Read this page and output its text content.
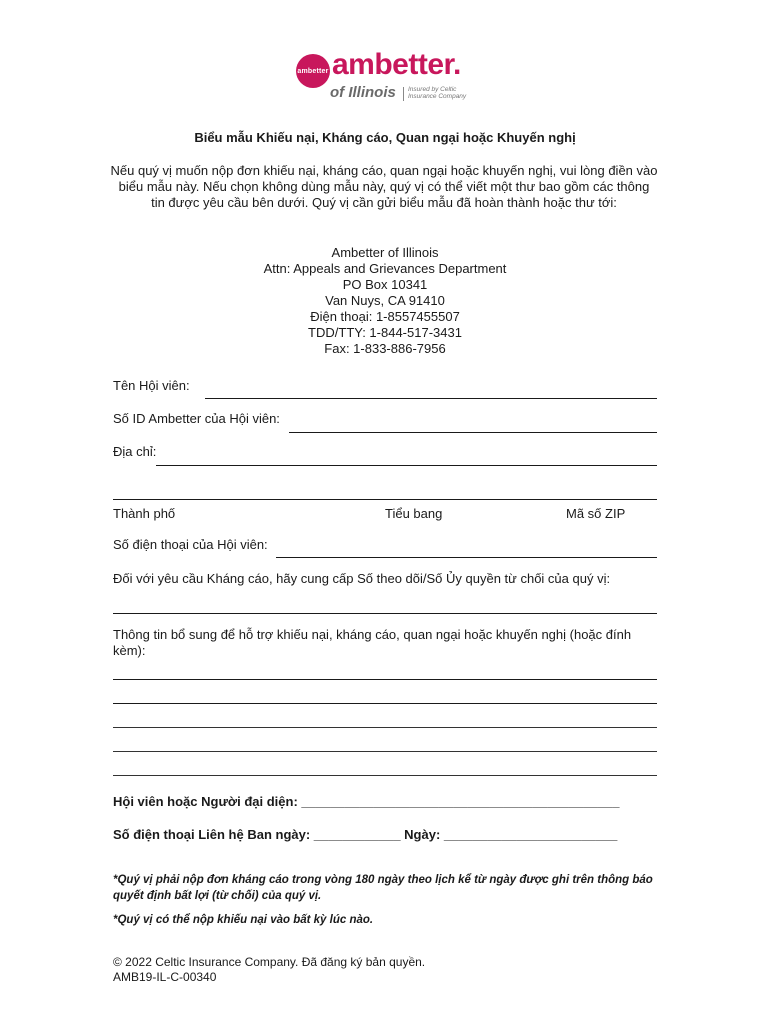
ambetter ambetter.
of Illinois Insured by Celtic Insurance Company
Biểu mẫu Khiếu nại, Kháng cáo, Quan ngại hoặc Khuyến nghị
Nếu quý vị muốn nộp đơn khiếu nại, kháng cáo, quan ngại hoặc khuyến nghị, vui lòng điền vào biểu mẫu này. Nếu chọn không dùng mẫu này, quý vị có thể viết một thư bao gồm các thông tin được yêu cầu bên dưới. Quý vị cần gửi biểu mẫu đã hoàn thành hoặc thư tới:
Ambetter of Illinois
Attn: Appeals and Grievances Department
PO Box 10341
Van Nuys, CA 91410
Điện thoại: 1-8557455507
TDD/TTY: 1-844-517-3431
Fax: 1-833-886-7956
Tên Hội viên:
Số ID Ambetter của Hội viên:
Địa chỉ:
Thành phố	Tiểu bang	Mã số ZIP
Số điện thoại của Hội viên:
Đối với yêu cầu Kháng cáo, hãy cung cấp Số theo dõi/Số Ủy quyền từ chối của quý vị:
Thông tin bổ sung để hỗ trợ khiếu nại, kháng cáo, quan ngại hoặc khuyến nghị (hoặc đính kèm):
Hội viên hoặc Người đại diện: ____________________________________________
Số điện thoại Liên hệ Ban ngày: ____________ Ngày: ________________________
*Quý vị phải nộp đơn kháng cáo trong vòng 180 ngày theo lịch kể từ ngày được ghi trên thông báo quyết định bất lợi (từ chối) của quý vị.
*Quý vị có thể nộp khiếu nại vào bất kỳ lúc nào.
© 2022 Celtic Insurance Company. Đã đăng ký bản quyền.
AMB19-IL-C-00340
